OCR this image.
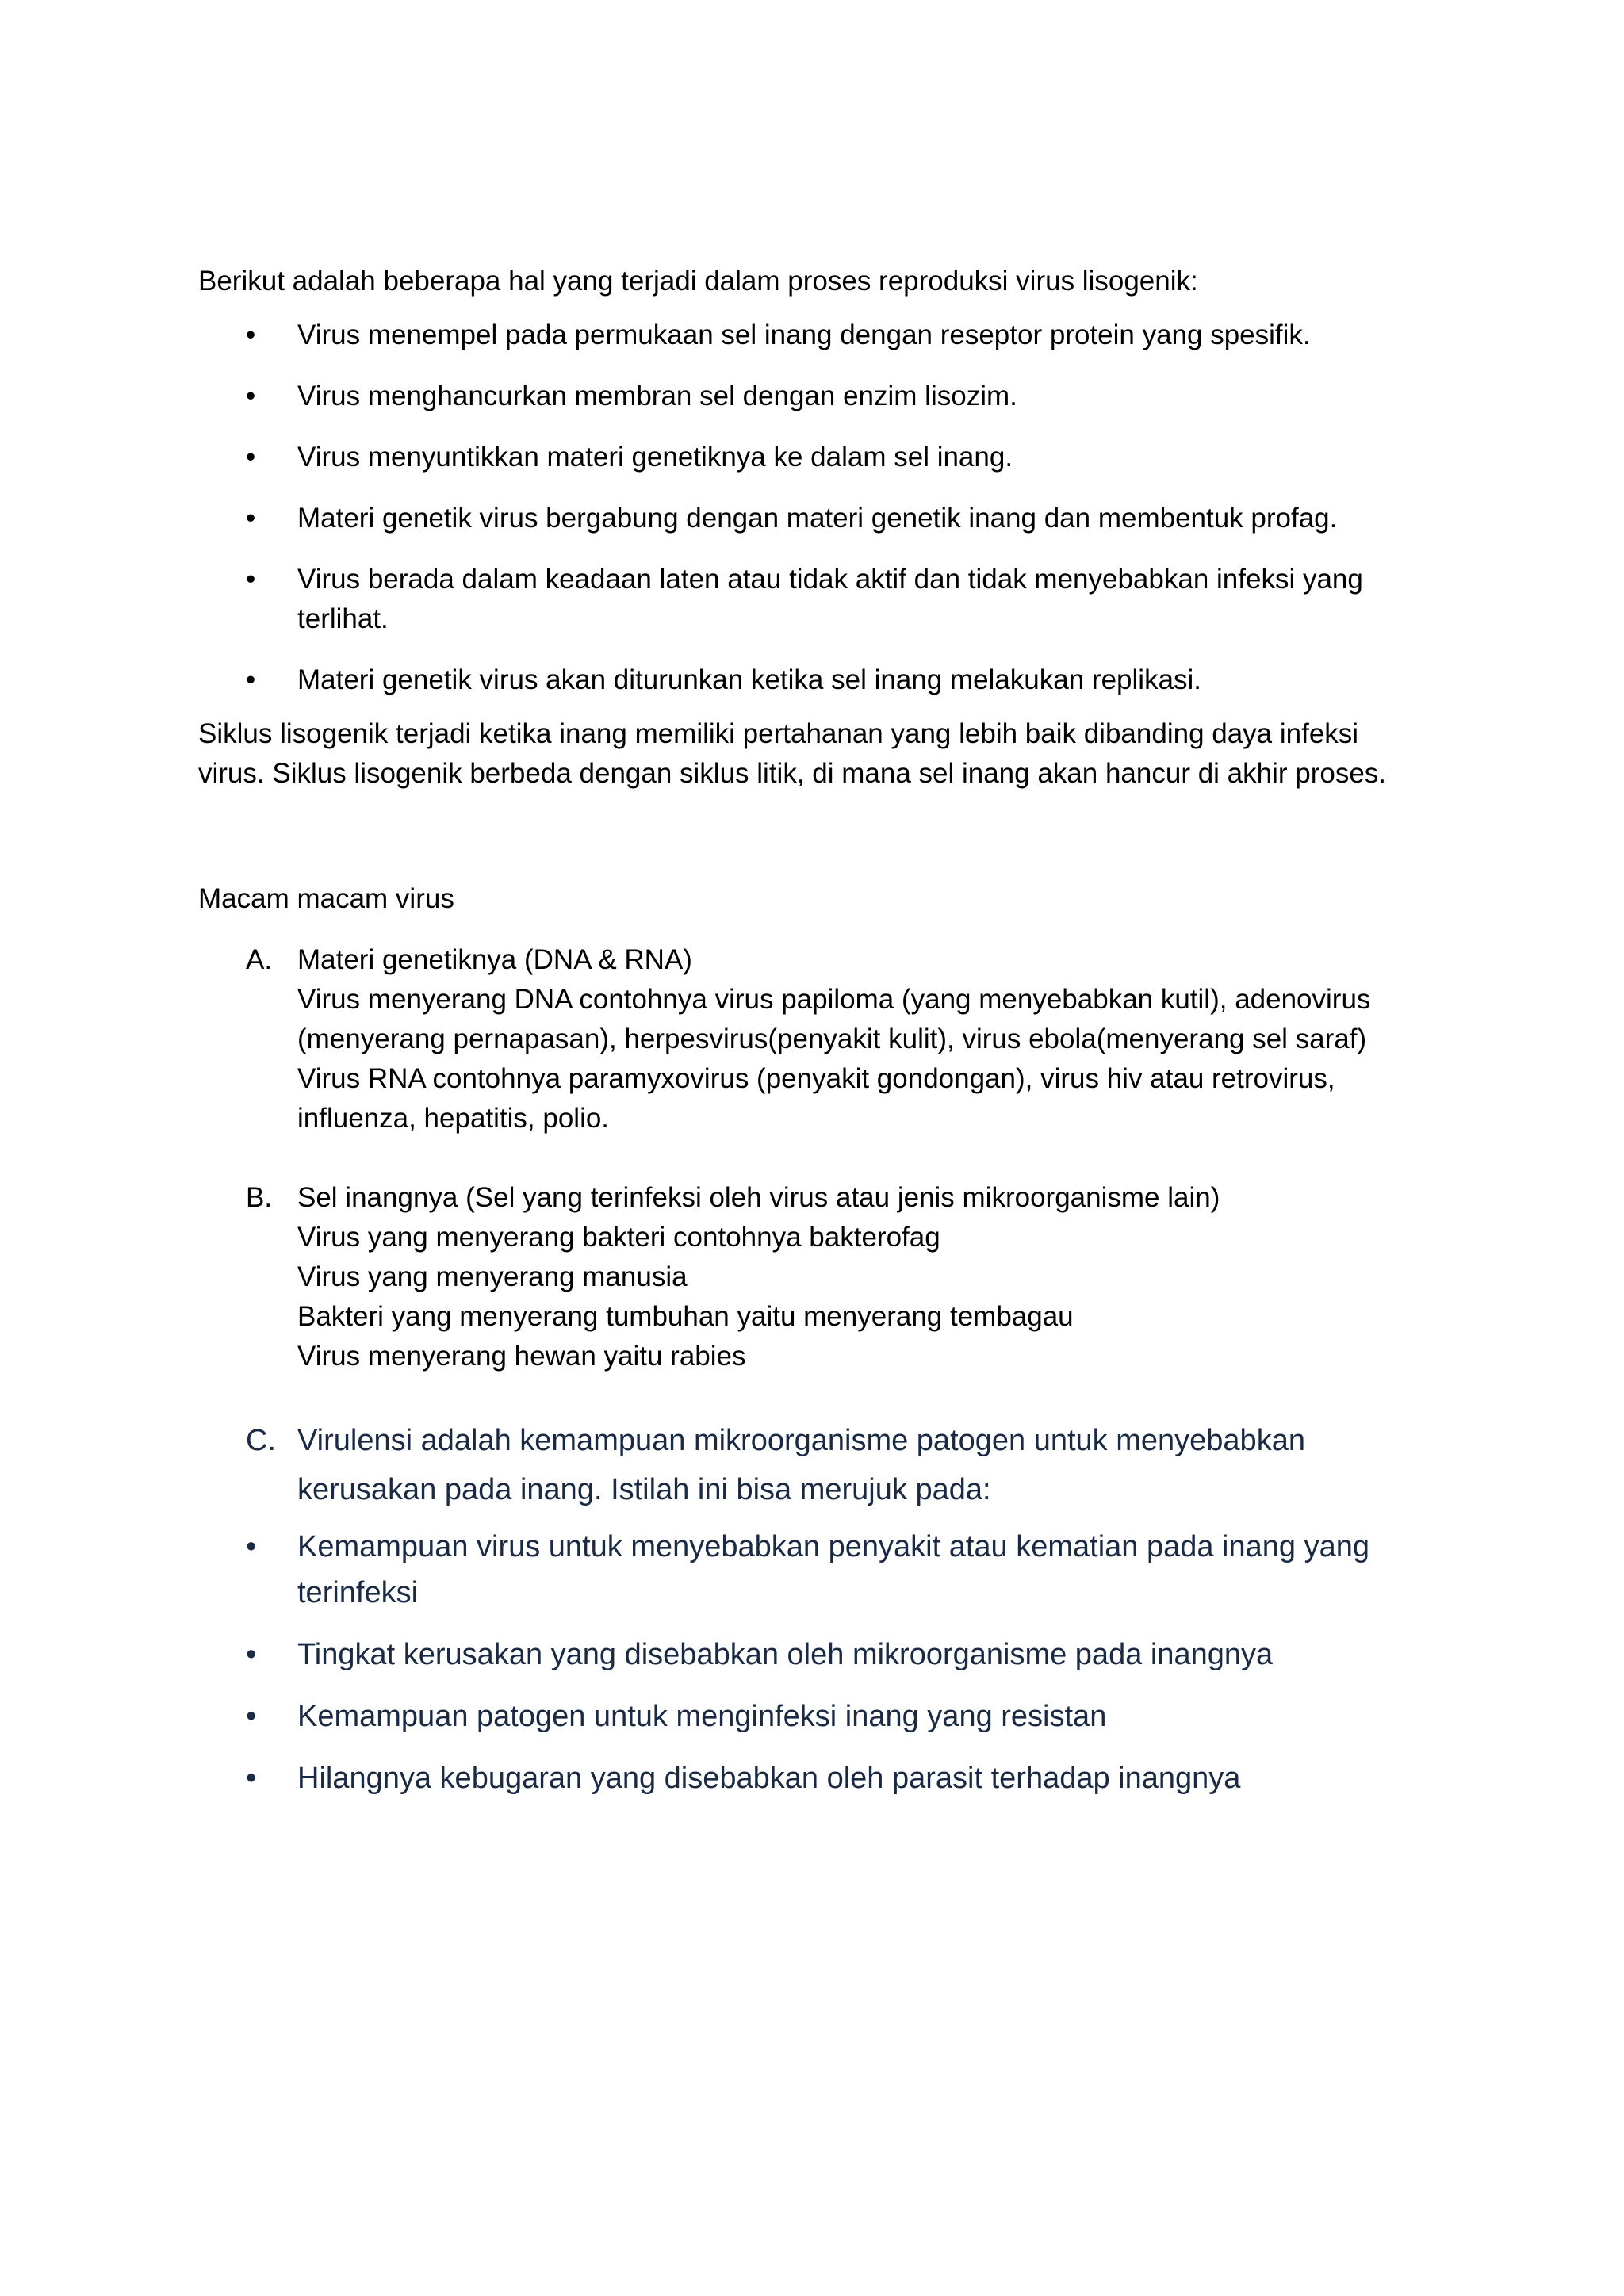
Berikut adalah beberapa hal yang terjadi dalam proses reproduksi virus lisogenik:

•	Virus menempel pada permukaan sel inang dengan reseptor protein yang spesifik.
•	Virus menghancurkan membran sel dengan enzim lisozim.
•	Virus menyuntikkan materi genetiknya ke dalam sel inang.
•	Materi genetik virus bergabung dengan materi genetik inang dan membentuk profag.
•	Virus berada dalam keadaan laten atau tidak aktif dan tidak menyebabkan infeksi yang terlihat.
•	Materi genetik virus akan diturunkan ketika sel inang melakukan replikasi.

Siklus lisogenik terjadi ketika inang memiliki pertahanan yang lebih baik dibanding daya infeksi
virus. Siklus lisogenik berbeda dengan siklus litik, di mana sel inang akan hancur di akhir proses.

Macam macam virus

A. Materi genetiknya (DNA & RNA)
Virus menyerang DNA contohnya virus papiloma (yang menyebabkan kutil), adenovirus
(menyerang pernapasan), herpesvirus(penyakit kulit), virus ebola(menyerang sel saraf)
Virus RNA contohnya paramyxovirus (penyakit gondongan), virus hiv atau retrovirus,
influenza, hepatitis, polio.
B. Sel inangnya (Sel yang terinfeksi oleh virus atau jenis mikroorganisme lain)
Virus yang menyerang bakteri contohnya bakterofag
Virus yang menyerang manusia
Bakteri yang menyerang tumbuhan yaitu menyerang tembagau
Virus menyerang hewan yaitu rabies
C. Virulensi adalah kemampuan mikroorganisme patogen untuk menyebabkan
kerusakan pada inang. Istilah ini bisa merujuk pada:
•	Kemampuan virus untuk menyebabkan penyakit atau kematian pada inang yang terinfeksi
•	Tingkat kerusakan yang disebabkan oleh mikroorganisme pada inangnya
•	Kemampuan patogen untuk menginfeksi inang yang resistan
•	Hilangnya kebugaran yang disebabkan oleh parasit terhadap inangnya
